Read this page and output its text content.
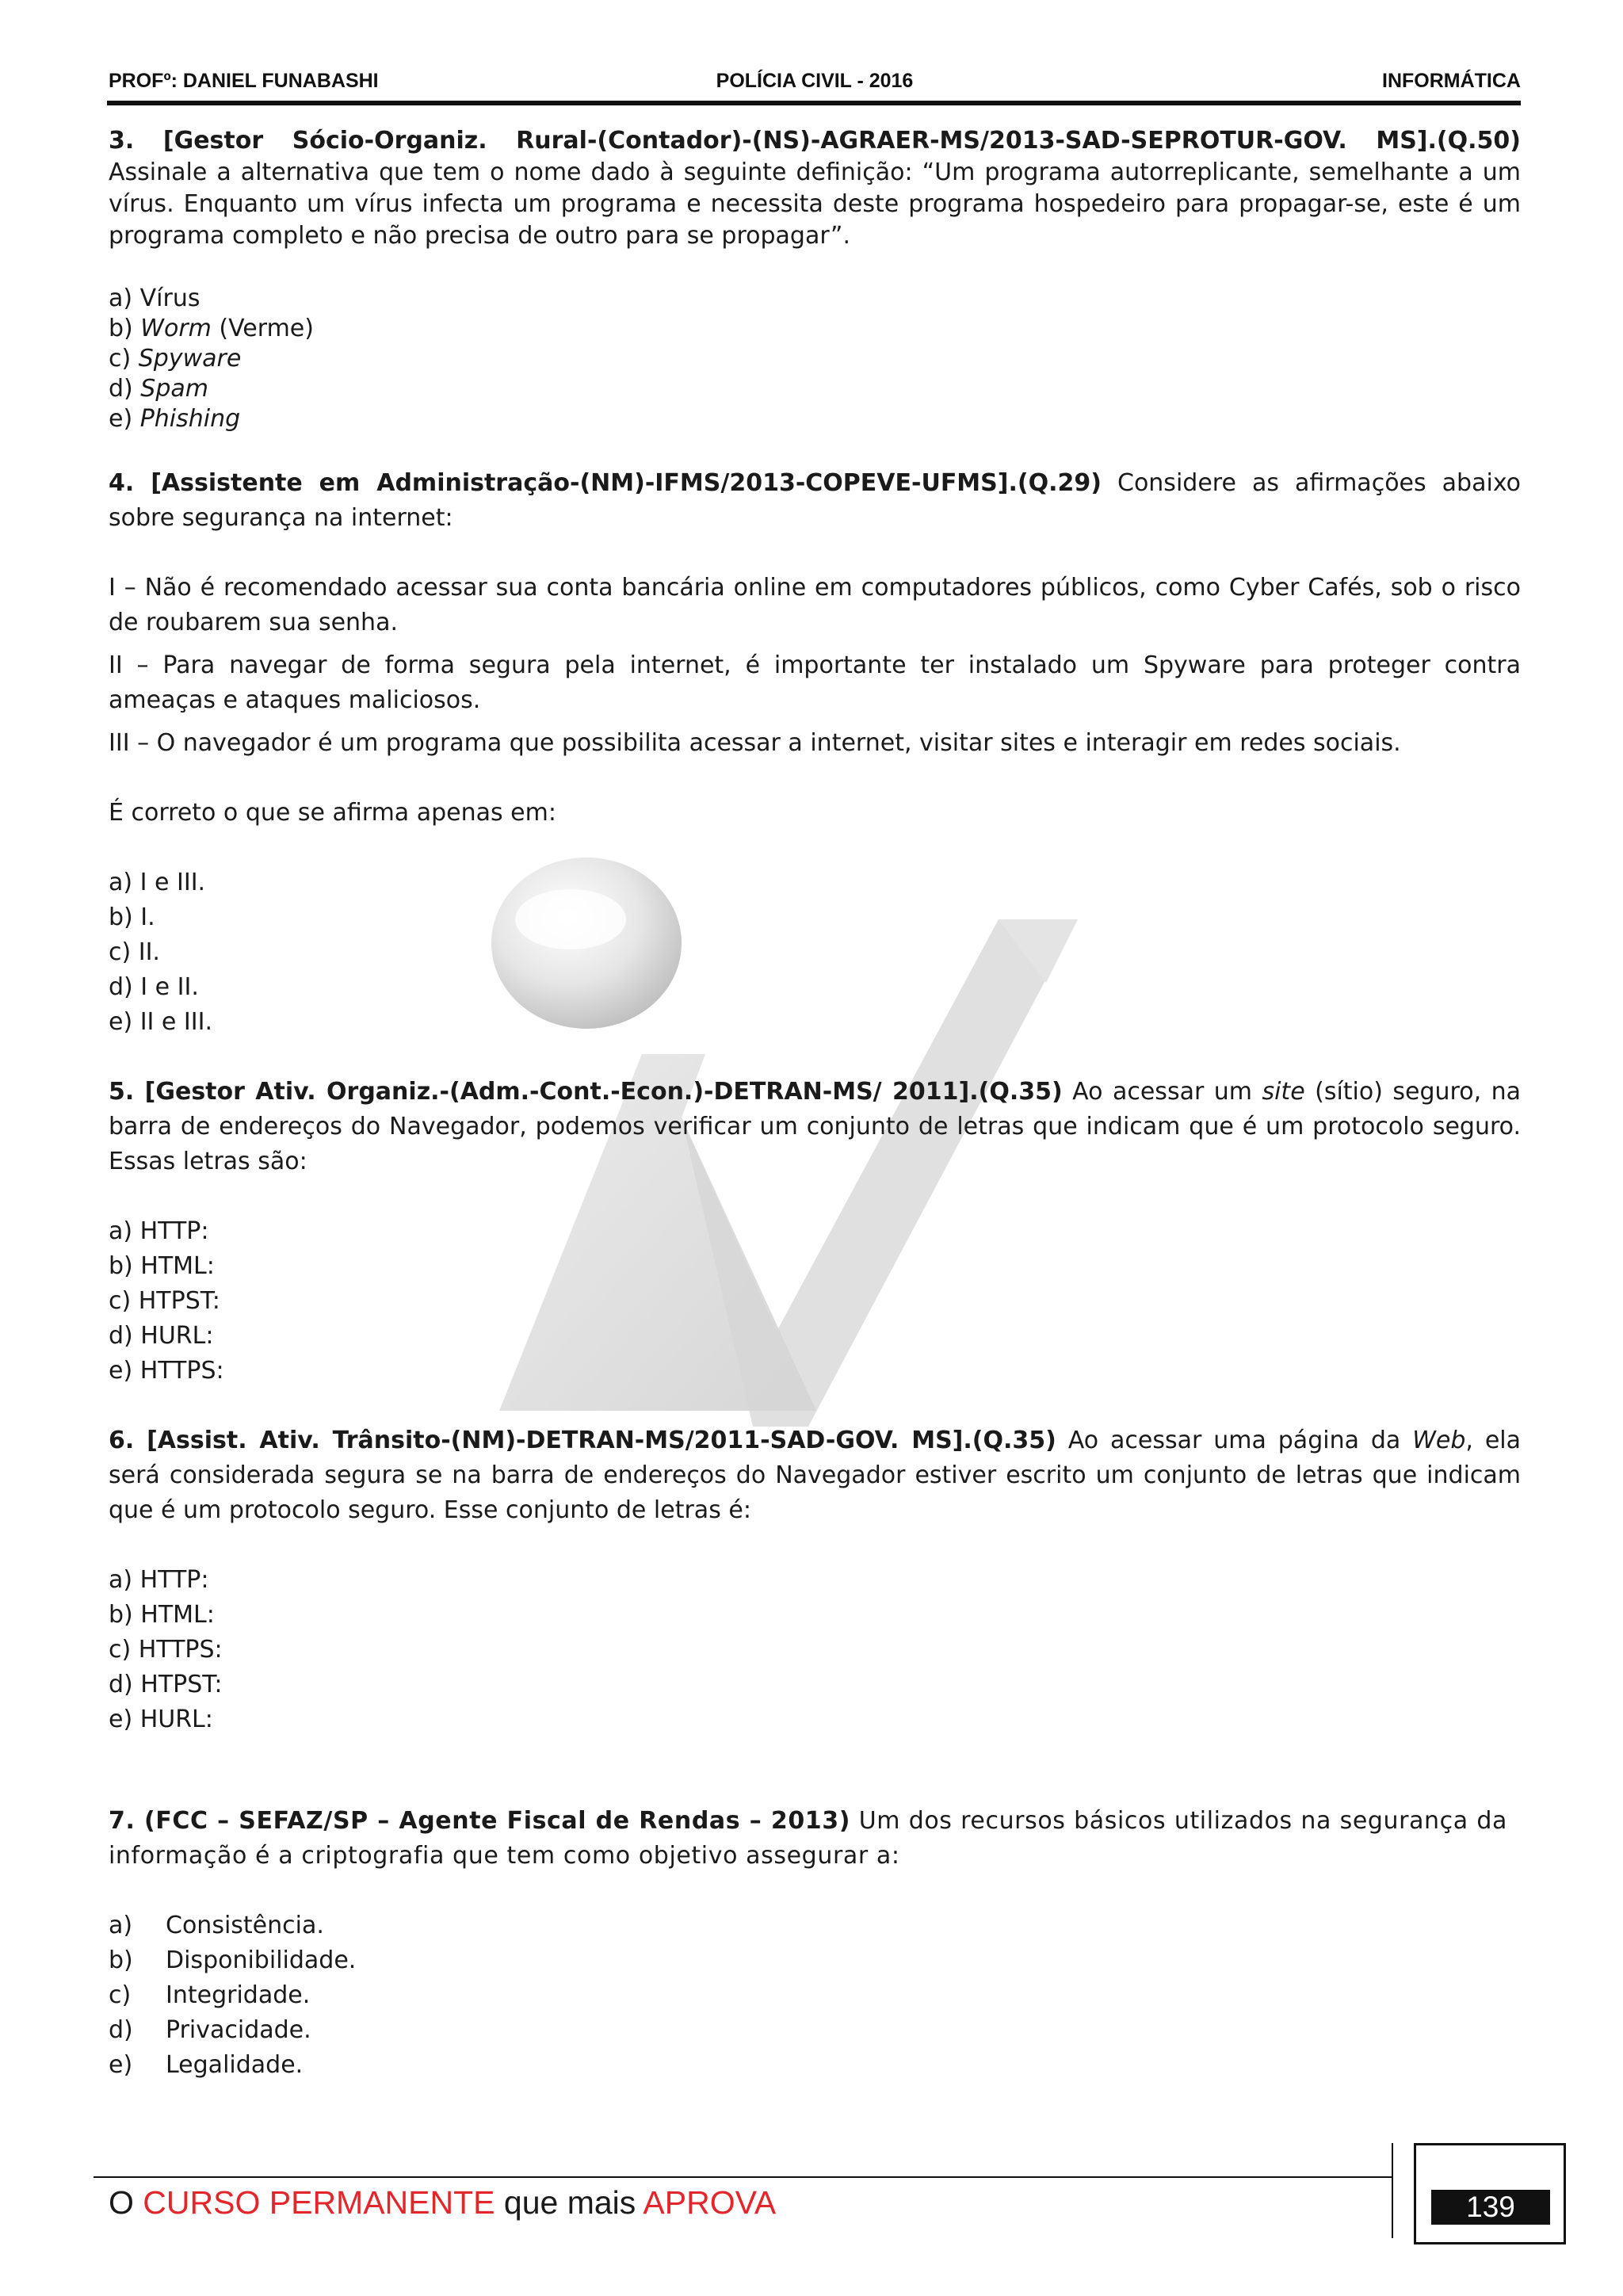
PROFº: DANIEL FUNABASHI	POLÍCIA CIVIL - 2016	INFORMÁTICA

3. [Gestor Sócio-Organiz. Rural-(Contador)-(NS)-AGRAER-MS/2013-SAD-SEPROTUR-GOV. MS].(Q.50) Assinale a alternativa que tem o nome dado à seguinte definição: “Um programa autorreplicante, semelhante a um vírus. Enquanto um vírus infecta um programa e necessita deste programa hospedeiro para propagar-se, este é um programa completo e não precisa de outro para se propagar”.

a) Vírus

b) Worm (Verme)

c) Spyware

d) Spam

e) Phishing

4. [Assistente em Administração-(NM)-IFMS/2013-COPEVE-UFMS].(Q.29) Considere as afirmações abaixo sobre segurança na internet:

I – Não é recomendado acessar sua conta bancária online em computadores públicos, como Cyber Cafés, sob o risco de roubarem sua senha.

II – Para navegar de forma segura pela internet, é importante ter instalado um Spyware para proteger contra ameaças e ataques maliciosos.

III – O navegador é um programa que possibilita acessar a internet, visitar sites e interagir em redes sociais.

É correto o que se afirma apenas em:

a) I e III.

b) I.

c) II.

d) I e II.

e) II e III.

5. [Gestor Ativ. Organiz.-(Adm.-Cont.-Econ.)-DETRAN-MS/ 2011].(Q.35) Ao acessar um site (sítio) seguro, na barra de endereços do Navegador, podemos verificar um conjunto de letras que indicam que é um protocolo seguro. Essas letras são:

a) HTTP:

b) HTML:

c) HTPST:

d) HURL:

e) HTTPS:

6. [Assist. Ativ. Trânsito-(NM)-DETRAN-MS/2011-SAD-GOV. MS].(Q.35) Ao acessar uma página da Web, ela será considerada segura se na barra de endereços do Navegador estiver escrito um conjunto de letras que indicam que é um protocolo seguro. Esse conjunto de letras é:

a) HTTP:

b) HTML:

c) HTTPS:

d) HTPST:

e) HURL:

7. (FCC – SEFAZ/SP – Agente Fiscal de Rendas – 2013) Um dos recursos básicos utilizados na segurança da informação é a criptografia que tem como objetivo assegurar a:

a)	Consistência.
b)	Disponibilidade.
c)	Integridade.
d)	Privacidade.
e)	Legalidade.
O CURSO PERMANENTE que mais APROVA	139
